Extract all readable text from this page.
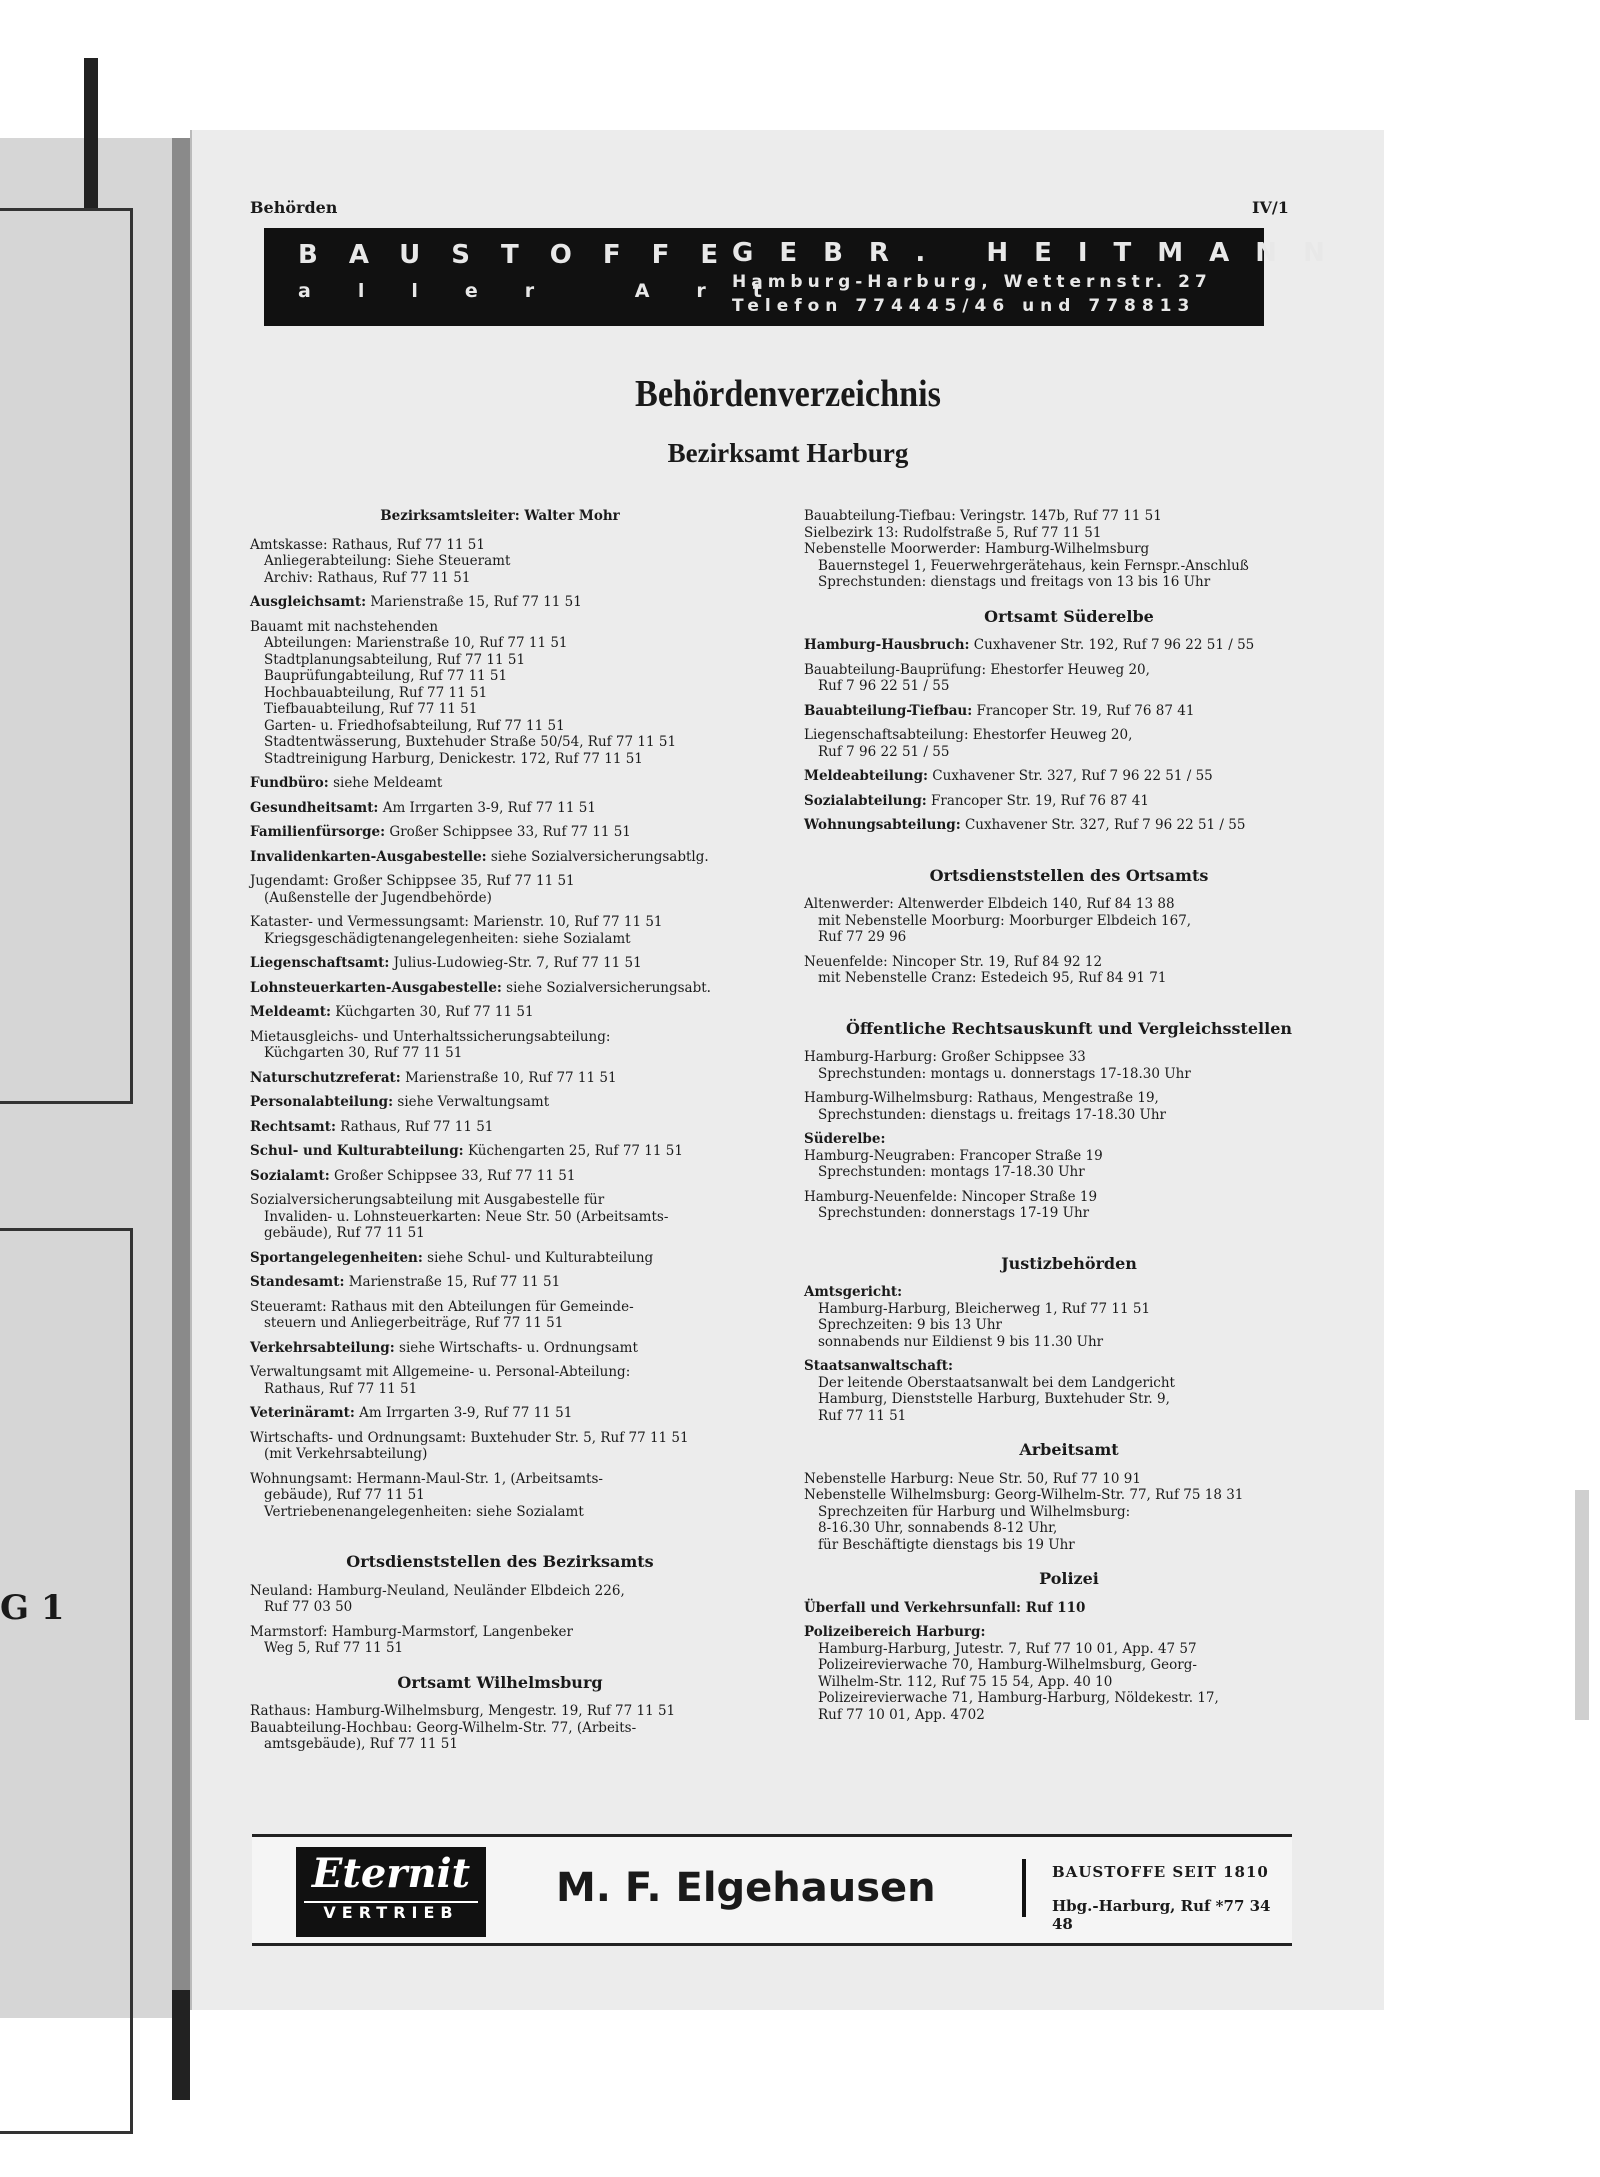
G 1
Behörden	IV/1
BAUSTOFFE
aller Art
GEBR. HEITMANN
Hamburg-Harburg, Wetternstr. 27
Telefon 774445/46 und 778813
Behördenverzeichnis
Bezirksamt Harburg
Bezirksamtsleiter: Walter Mohr
Amtskasse: Rathaus, Ruf 77 11 51
Anliegerabteilung: Siehe Steueramt
Archiv: Rathaus, Ruf 77 11 51
Ausgleichsamt: Marienstraße 15, Ruf 77 11 51
Bauamt mit nachstehenden
Abteilungen: Marienstraße 10, Ruf 77 11 51
Stadtplanungsabteilung, Ruf 77 11 51
Bauprüfungabteilung, Ruf 77 11 51
Hochbauabteilung, Ruf 77 11 51
Tiefbauabteilung, Ruf 77 11 51
Garten- u. Friedhofsabteilung, Ruf 77 11 51
Stadtentwässerung, Buxtehuder Straße 50/54, Ruf 77 11 51
Stadtreinigung Harburg, Denickestr. 172, Ruf 77 11 51
Fundbüro: siehe Meldeamt
Gesundheitsamt: Am Irrgarten 3-9, Ruf 77 11 51
Familienfürsorge: Großer Schippsee 33, Ruf 77 11 51
Invalidenkarten-Ausgabestelle: siehe Sozialversicherungsabtlg.
Jugendamt: Großer Schippsee 35, Ruf 77 11 51
(Außenstelle der Jugendbehörde)
Kataster- und Vermessungsamt: Marienstr. 10, Ruf 77 11 51
Kriegsgeschädigtenangelegenheiten: siehe Sozialamt
Liegenschaftsamt: Julius-Ludowieg-Str. 7, Ruf 77 11 51
Lohnsteuerkarten-Ausgabestelle: siehe Sozialversicherungsabt.
Meldeamt: Küchgarten 30, Ruf 77 11 51
Mietausgleichs- und Unterhaltssicherungsabteilung:
Küchgarten 30, Ruf 77 11 51
Naturschutzreferat: Marienstraße 10, Ruf 77 11 51
Personalabteilung: siehe Verwaltungsamt
Rechtsamt: Rathaus, Ruf 77 11 51
Schul- und Kulturabteilung: Küchengarten 25, Ruf 77 11 51
Sozialamt: Großer Schippsee 33, Ruf 77 11 51
Sozialversicherungsabteilung mit Ausgabestelle für
Invaliden- u. Lohnsteuerkarten: Neue Str. 50 (Arbeitsamts-
gebäude), Ruf 77 11 51
Sportangelegenheiten: siehe Schul- und Kulturabteilung
Standesamt: Marienstraße 15, Ruf 77 11 51
Steueramt: Rathaus mit den Abteilungen für Gemeinde-
steuern und Anliegerbeiträge, Ruf 77 11 51
Verkehrsabteilung: siehe Wirtschafts- u. Ordnungsamt
Verwaltungsamt mit Allgemeine- u. Personal-Abteilung:
Rathaus, Ruf 77 11 51
Veterinäramt: Am Irrgarten 3-9, Ruf 77 11 51
Wirtschafts- und Ordnungsamt: Buxtehuder Str. 5, Ruf 77 11 51
(mit Verkehrsabteilung)
Wohnungsamt: Hermann-Maul-Str. 1, (Arbeitsamts-
gebäude), Ruf 77 11 51
Vertriebenenangelegenheiten: siehe Sozialamt
Ortsdienststellen des Bezirksamts
Neuland: Hamburg-Neuland, Neuländer Elbdeich 226,
Ruf 77 03 50
Marmstorf: Hamburg-Marmstorf, Langenbeker
Weg 5, Ruf 77 11 51
Ortsamt Wilhelmsburg
Rathaus: Hamburg-Wilhelmsburg, Mengestr. 19, Ruf 77 11 51
Bauabteilung-Hochbau: Georg-Wilhelm-Str. 77, (Arbeits-
amtsgebäude), Ruf 77 11 51
Bauabteilung-Tiefbau: Veringstr. 147b, Ruf 77 11 51
Sielbezirk 13: Rudolfstraße 5, Ruf 77 11 51
Nebenstelle Moorwerder: Hamburg-Wilhelmsburg
Bauernstegel 1, Feuerwehrgerätehaus, kein Fernspr.-Anschluß
Sprechstunden: dienstags und freitags von 13 bis 16 Uhr
Ortsamt Süderelbe
Hamburg-Hausbruch: Cuxhavener Str. 192, Ruf 7 96 22 51 / 55
Bauabteilung-Bauprüfung: Ehestorfer Heuweg 20,
Ruf 7 96 22 51 / 55
Bauabteilung-Tiefbau: Francoper Str. 19, Ruf 76 87 41
Liegenschaftsabteilung: Ehestorfer Heuweg 20,
Ruf 7 96 22 51 / 55
Meldeabteilung: Cuxhavener Str. 327, Ruf 7 96 22 51 / 55
Sozialabteilung: Francoper Str. 19, Ruf 76 87 41
Wohnungsabteilung: Cuxhavener Str. 327, Ruf 7 96 22 51 / 55
Ortsdienststellen des Ortsamts
Altenwerder: Altenwerder Elbdeich 140, Ruf 84 13 88
mit Nebenstelle Moorburg: Moorburger Elbdeich 167,
Ruf 77 29 96
Neuenfelde: Nincoper Str. 19, Ruf 84 92 12
mit Nebenstelle Cranz: Estedeich 95, Ruf 84 91 71
Öffentliche Rechtsauskunft und Vergleichsstellen
Hamburg-Harburg: Großer Schippsee 33
Sprechstunden: montags u. donnerstags 17-18.30 Uhr
Hamburg-Wilhelmsburg: Rathaus, Mengestraße 19,
Sprechstunden: dienstags u. freitags 17-18.30 Uhr
Süderelbe:
Hamburg-Neugraben: Francoper Straße 19
Sprechstunden: montags 17-18.30 Uhr
Hamburg-Neuenfelde: Nincoper Straße 19
Sprechstunden: donnerstags 17-19 Uhr
Justizbehörden
Amtsgericht:
Hamburg-Harburg, Bleicherweg 1, Ruf 77 11 51
Sprechzeiten: 9 bis 13 Uhr
sonnabends nur Eildienst 9 bis 11.30 Uhr
Staatsanwaltschaft:
Der leitende Oberstaatsanwalt bei dem Landgericht
Hamburg, Dienststelle Harburg, Buxtehuder Str. 9,
Ruf 77 11 51
Arbeitsamt
Nebenstelle Harburg: Neue Str. 50, Ruf 77 10 91
Nebenstelle Wilhelmsburg: Georg-Wilhelm-Str. 77, Ruf 75 18 31
Sprechzeiten für Harburg und Wilhelmsburg:
8-16.30 Uhr, sonnabends 8-12 Uhr,
für Beschäftigte dienstags bis 19 Uhr
Polizei
Überfall und Verkehrsunfall: Ruf 110
Polizeibereich Harburg:
Hamburg-Harburg, Jutestr. 7, Ruf 77 10 01, App. 47 57
Polizeirevierwache 70, Hamburg-Wilhelmsburg, Georg-
Wilhelm-Str. 112, Ruf 75 15 54, App. 40 10
Polizeirevierwache 71, Hamburg-Harburg, Nöldekestr. 17,
Ruf 77 10 01, App. 4702
Eternit
VERTRIEB
M. F. Elgehausen	BAUSTOFFE SEIT 1810
Hbg.-Harburg, Ruf *77 34 48
